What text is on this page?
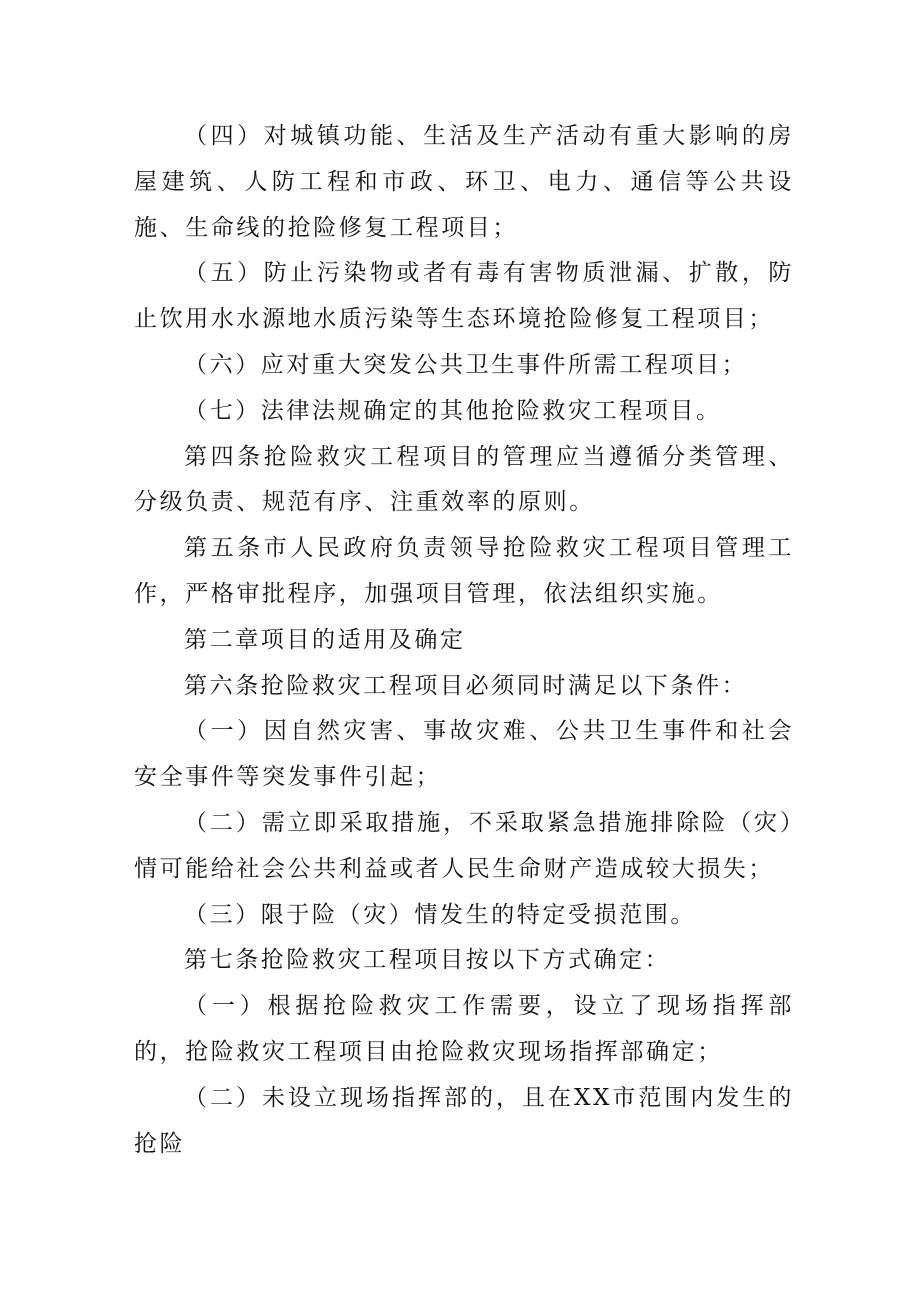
（四）对城镇功能、生活及生产活动有重大影响的房屋建筑、人防工程和市政、环卫、电力、通信等公共设施、生命线的抢险修复工程项目；

（五）防止污染物或者有毒有害物质泄漏、扩散，防止饮用水水源地水质污染等生态环境抢险修复工程项目；

（六）应对重大突发公共卫生事件所需工程项目；

（七）法律法规确定的其他抢险救灾工程项目。

第四条抢险救灾工程项目的管理应当遵循分类管理、分级负责、规范有序、注重效率的原则。

第五条市人民政府负责领导抢险救灾工程项目管理工作，严格审批程序，加强项目管理，依法组织实施。

第二章项目的适用及确定

第六条抢险救灾工程项目必须同时满足以下条件：

（一）因自然灾害、事故灾难、公共卫生事件和社会安全事件等突发事件引起；

（二）需立即采取措施，不采取紧急措施排除险（灾）情可能给社会公共利益或者人民生命财产造成较大损失；

（三）限于险（灾）情发生的特定受损范围。

第七条抢险救灾工程项目按以下方式确定：

（一）根据抢险救灾工作需要，设立了现场指挥部的，抢险救灾工程项目由抢险救灾现场指挥部确定；

（二）未设立现场指挥部的，且在XX市范围内发生的抢险
